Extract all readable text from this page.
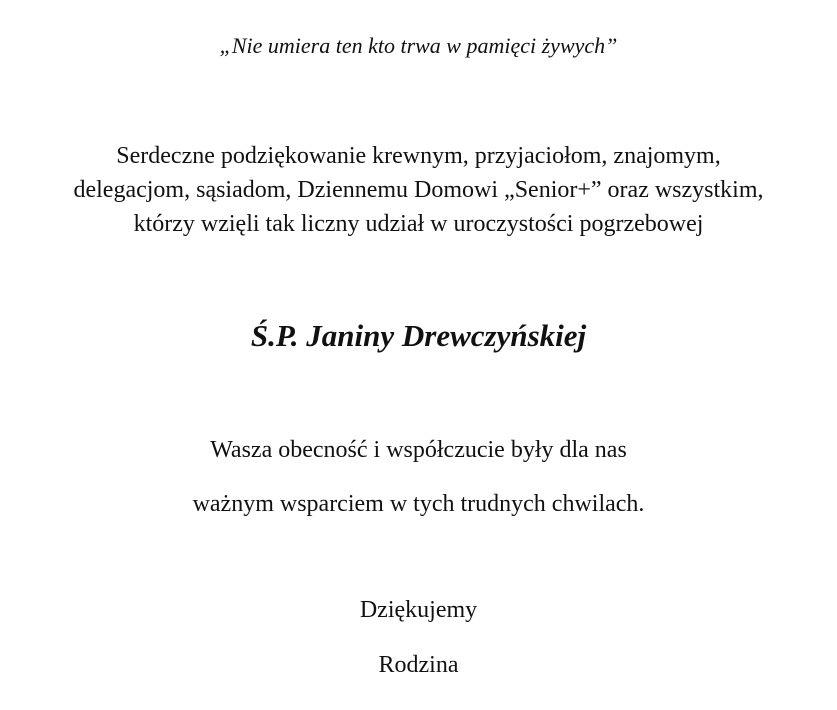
„Nie umiera ten kto trwa w pamięci żywych”
Serdeczne podziękowanie krewnym, przyjaciołom, znajomym,
delegacjom, sąsiadom, Dziennemu Domowi „Senior+” oraz wszystkim,
którzy wzięli tak liczny udział w uroczystości pogrzebowej
Ś.P. Janiny Drewczyńskiej
Wasza obecność i współczucie były dla nas
ważnym wsparciem w tych trudnych chwilach.
Dziękujemy
Rodzina
